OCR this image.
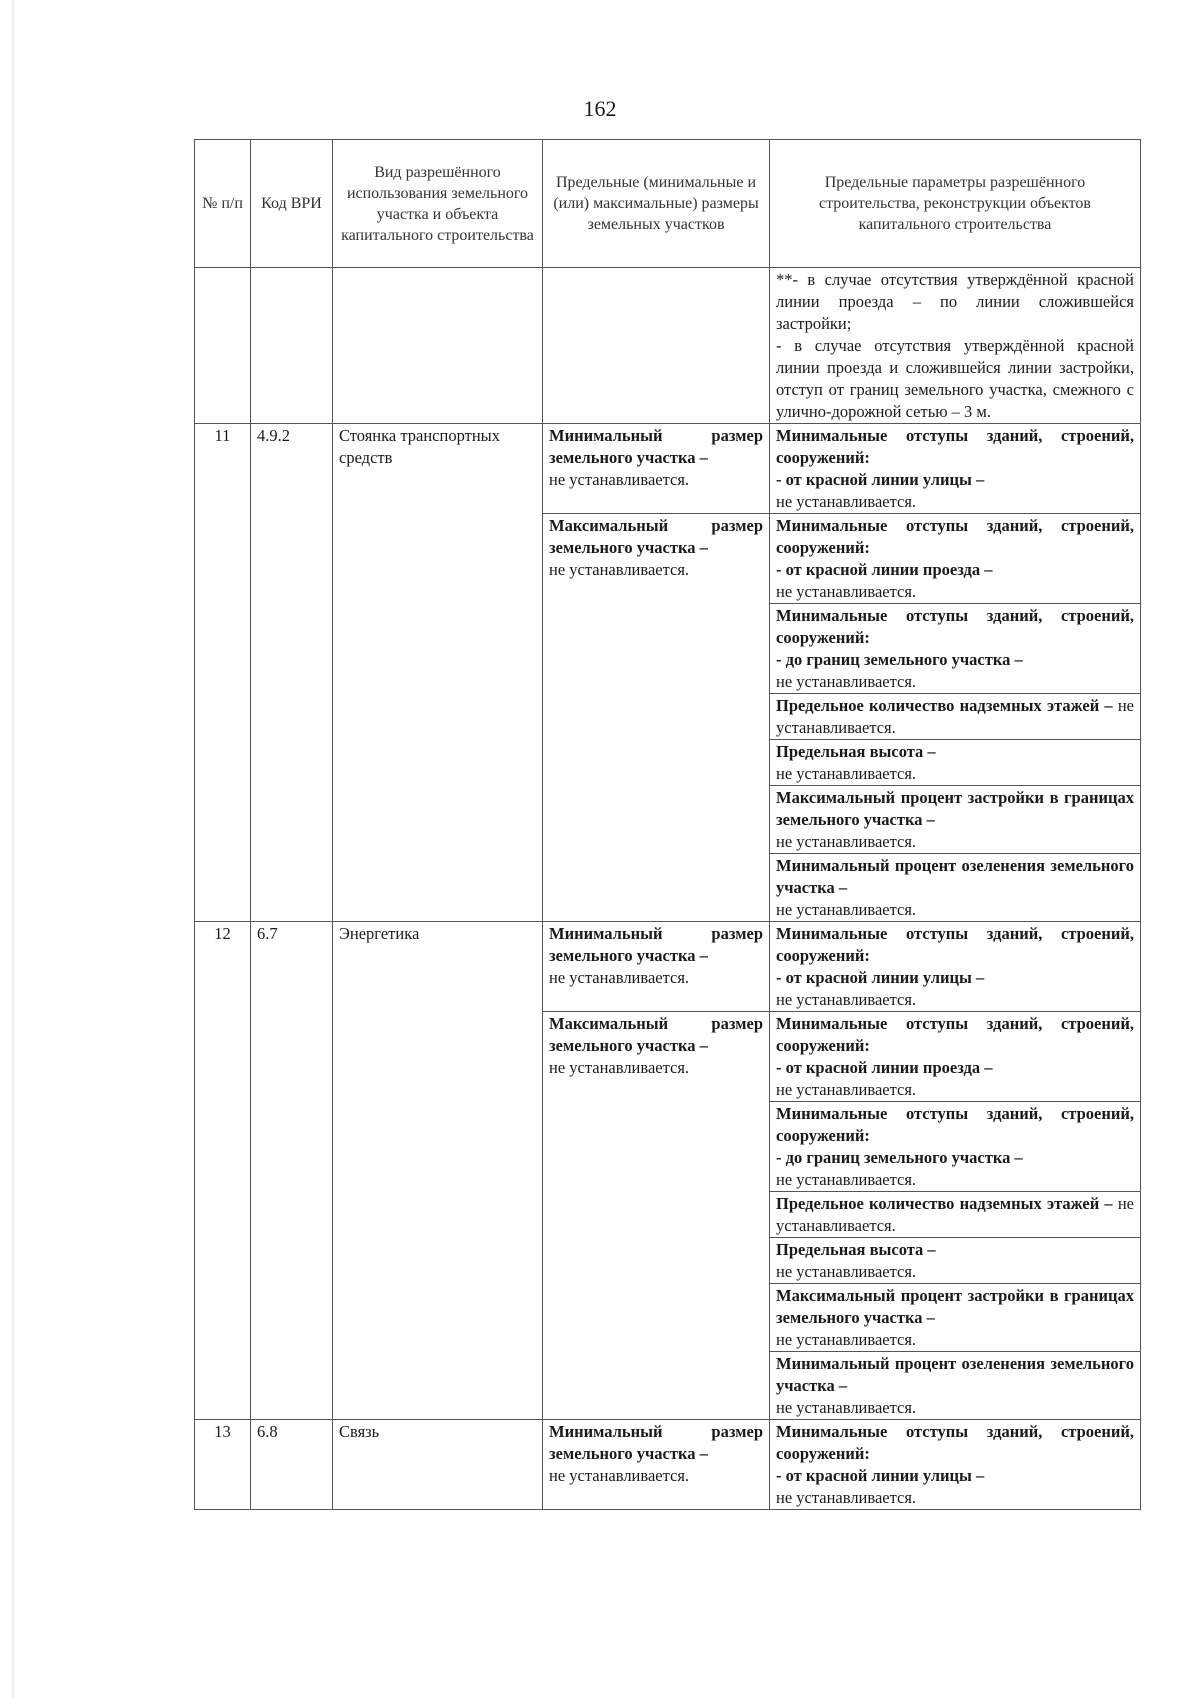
162
№ п/п	Код ВРИ	Вид разрешённого использования земельного участка и объекта капитального строительства	Предельные (минимальные и (или) максимальные) размеры земельных участков	Предельные параметры разрешённого строительства, реконструкции объектов капитального строительства

				**- в случае отсутствия утверждённой красной линии проезда – по линии сложившейся застройки;
- в случае отсутствия утверждённой красной линии проезда и сложившейся линии застройки, отступ от границ земельного участка, смежного с улично-дорожной сетью – 3 м.

11	4.9.2	Стоянка транспортных средств	Минимальный размер земельного участка –
не устанавливается.	Минимальные отступы зданий, строений, сооружений:
- от красной линии улицы –
не устанавливается.
			Максимальный размер земельного участка –
не устанавливается.	Минимальные отступы зданий, строений, сооружений:
- от красной линии проезда –
не устанавливается.
				Минимальные отступы зданий, строений, сооружений:
- до границ земельного участка –
не устанавливается.
				Предельное количество надземных этажей – не устанавливается.
				Предельная высота –
не устанавливается.
				Максимальный процент застройки в границах земельного участка –
не устанавливается.
				Минимальный процент озеленения земельного участка –
не устанавливается.

12	6.7	Энергетика	Минимальный размер земельного участка –
не устанавливается.	Минимальные отступы зданий, строений, сооружений:
- от красной линии улицы –
не устанавливается.
			Максимальный размер земельного участка –
не устанавливается.	Минимальные отступы зданий, строений, сооружений:
- от красной линии проезда –
не устанавливается.
				Минимальные отступы зданий, строений, сооружений:
- до границ земельного участка –
не устанавливается.
				Предельное количество надземных этажей – не устанавливается.
				Предельная высота –
не устанавливается.
				Максимальный процент застройки в границах земельного участка –
не устанавливается.
				Минимальный процент озеленения земельного участка –
не устанавливается.

13	6.8	Связь	Минимальный размер земельного участка –
не устанавливается.	Минимальные отступы зданий, строений, сооружений:
- от красной линии улицы –
не устанавливается.
